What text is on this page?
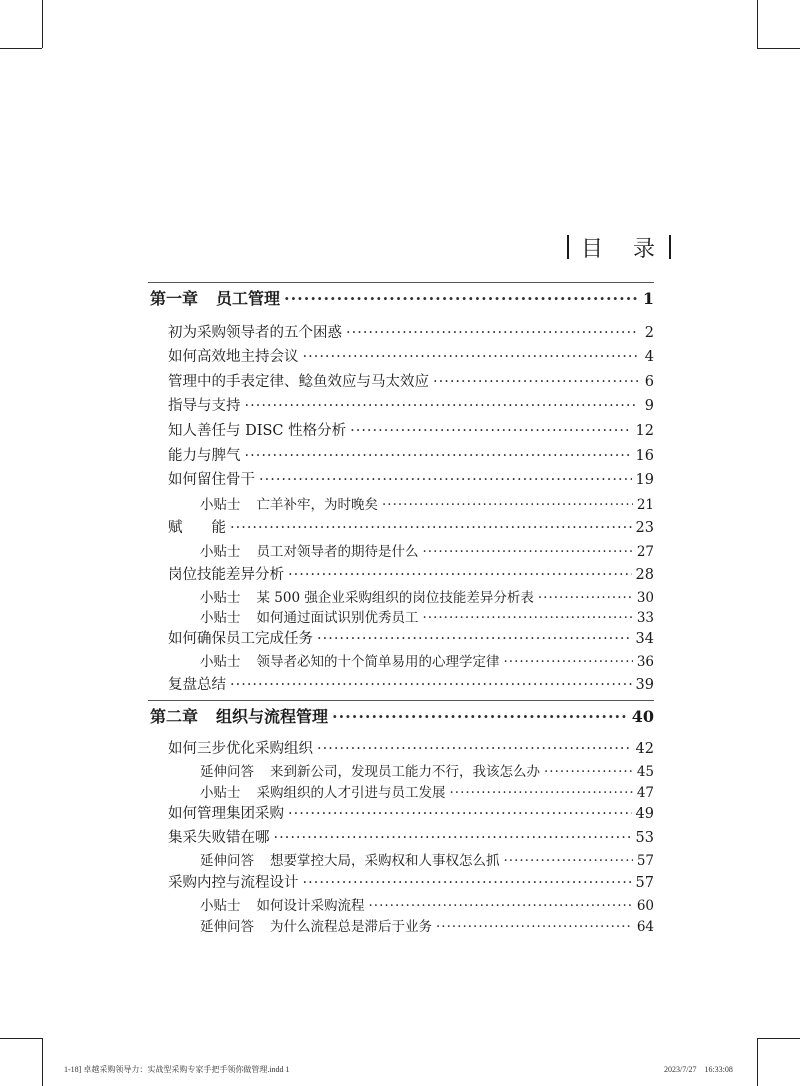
目 录
第一章 员工管理 ·····	1
初为采购领导者的五个困惑 ·····	2
如何高效地主持会议 ·····	4
管理中的手表定律、鲶鱼效应与马太效应 ·····	6
指导与支持 ·····	9
知人善任与 DISC 性格分析 ·····	12
能力与脾气 ·····	16
如何留住骨干 ·····	19
小贴士 亡羊补牢，为时晚矣 ·····	21
赋　　能 ·····	23
小贴士 员工对领导者的期待是什么 ·····	27
岗位技能差异分析 ·····	28
小贴士 某 500 强企业采购组织的岗位技能差异分析表 ·····	30
小贴士 如何通过面试识别优秀员工 ·····	33
如何确保员工完成任务 ·····	34
小贴士 领导者必知的十个简单易用的心理学定律 ·····	36
复盘总结 ·····	39
第二章 组织与流程管理 ·····	40
如何三步优化采购组织 ·····	42
延伸问答 来到新公司，发现员工能力不行，我该怎么办 ·····	45
小贴士 采购组织的人才引进与员工发展 ·····	47
如何管理集团采购 ·····	49
集采失败错在哪 ·····	53
延伸问答 想要掌控大局，采购权和人事权怎么抓 ·····	57
采购内控与流程设计 ·····	57
小贴士 如何设计采购流程 ·····	60
延伸问答 为什么流程总是滞后于业务 ·····	64
1-18] 卓越采购领导力：实战型采购专家手把手领你做管理.indd 1	2023/7/27　16:33:08
